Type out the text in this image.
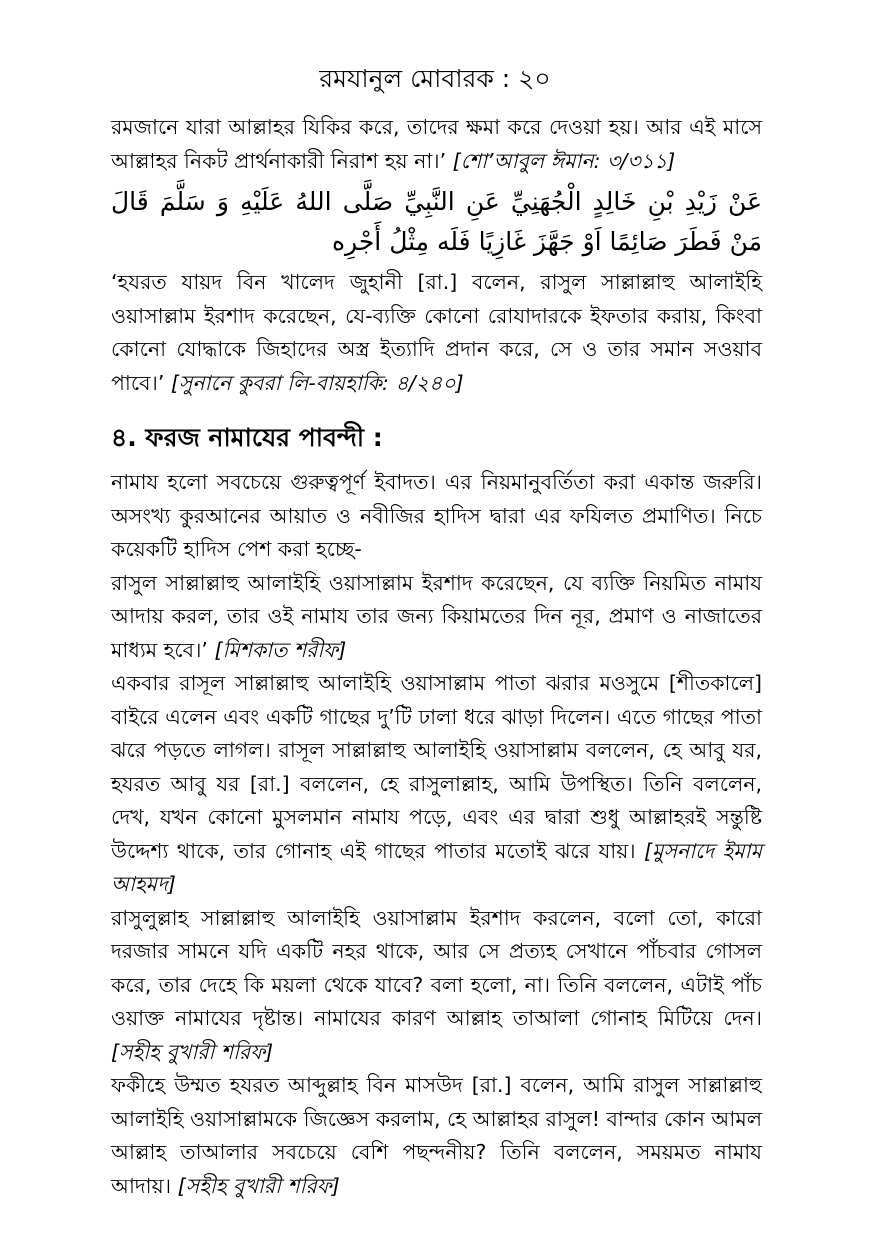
রমযানুল মোবারক : ২০

রমজানে যারা আল্লাহর যিকির করে, তাদের ক্ষমা করে দেওয়া হয়। আর এই মাসে আল্লাহর নিকট প্রার্থনাকারী নিরাশ হয় না।’ [শো’আবুল ঈমান: ৩/৩১১]

عَنْ زَيْدِ بْنِ خَالِدٍ الْجُهَنِيِّ عَنِ النَّبِيِّ صَلَّى اللهُ عَلَيْهِ وَ سَلَّمَ قَالَ مَنْ فَطَرَ صَائِمًا اَوْ جَهَّزَ غَازِيًا فَلَه مِثْلُ أَجْرِه

‘হযরত যায়দ বিন খালেদ জুহানী [রা.] বলেন, রাসুল সাল্লাল্লাহু আলাইহি ওয়াসাল্লাম ইরশাদ করেছেন, যে-ব্যক্তি কোনো রোযাদারকে ইফতার করায়, কিংবা কোনো যোদ্ধাকে জিহাদের অস্ত্র ইত্যাদি প্রদান করে, সে ও তার সমান সওয়াব পাবে।’ [সুনানে কুবরা লি-বায়হাকি: ৪/২৪০]

৪. ফরজ নামাযের পাবন্দী :

নামায হলো সবচেয়ে গুরুত্বপূর্ণ ইবাদত। এর নিয়মানুবর্তিতা করা একান্ত জরুরি। অসংখ্য কুরআনের আয়াত ও নবীজির হাদিস দ্বারা এর ফযিলত প্রমাণিত। নিচে কয়েকটি হাদিস পেশ করা হচ্ছে-

রাসুল সাল্লাল্লাহু আলাইহি ওয়াসাল্লাম ইরশাদ করেছেন, যে ব্যক্তি নিয়মিত নামায আদায় করল, তার ওই নামায তার জন্য কিয়ামতের দিন নূর, প্রমাণ ও নাজাতের মাধ্যম হবে।’ [মিশকাত শরীফ]

একবার রাসূল সাল্লাল্লাহু আলাইহি ওয়াসাল্লাম পাতা ঝরার মওসুমে [শীতকালে] বাইরে এলেন এবং একটি গাছের দু’টি ঢালা ধরে ঝাড়া দিলেন। এতে গাছের পাতা ঝরে পড়তে লাগল। রাসূল সাল্লাল্লাহু আলাইহি ওয়াসাল্লাম বললেন, হে আবু যর, হযরত আবু যর [রা.] বললেন, হে রাসুলাল্লাহ, আমি উপস্থিত। তিনি বললেন, দেখ, যখন কোনো মুসলমান নামায পড়ে, এবং এর দ্বারা শুধু আল্লাহরই সন্তুষ্টি উদ্দেশ্য থাকে, তার গোনাহ এই গাছের পাতার মতোই ঝরে যায়। [মুসনাদে ইমাম আহমদ]

রাসুলুল্লাহ সাল্লাল্লাহু আলাইহি ওয়াসাল্লাম ইরশাদ করলেন, বলো তো, কারো দরজার সামনে যদি একটি নহর থাকে, আর সে প্রত্যহ সেখানে পাঁচবার গোসল করে, তার দেহে কি ময়লা থেকে যাবে? বলা হলো, না। তিনি বললেন, এটাই পাঁচ ওয়াক্ত নামাযের দৃষ্টান্ত। নামাযের কারণ আল্লাহ তাআলা গোনাহ মিটিয়ে দেন। [সহীহ বুখারী শরিফ]

ফকীহে উম্মত হযরত আব্দুল্লাহ বিন মাসউদ [রা.] বলেন, আমি রাসুল সাল্লাল্লাহু আলাইহি ওয়াসাল্লামকে জিজ্ঞেস করলাম, হে আল্লাহর রাসুল! বান্দার কোন আমল আল্লাহ তাআলার সবচেয়ে বেশি পছন্দনীয়? তিনি বললেন, সময়মত নামায আদায়। [সহীহ বুখারী শরিফ]
